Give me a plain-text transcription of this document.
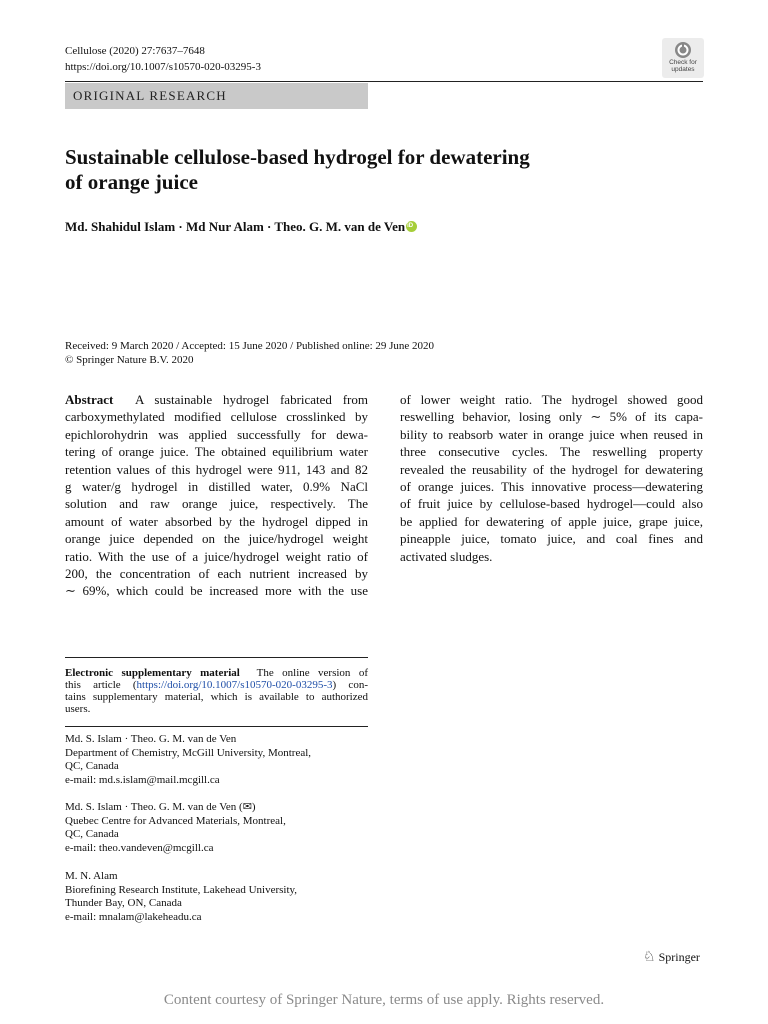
Cellulose (2020) 27:7637–7648
https://doi.org/10.1007/s10570-020-03295-3	Check for
updates
ORIGINAL RESEARCH
Sustainable cellulose-based hydrogel for dewatering
of orange juice
Md. Shahidul Islam · Md Nur Alam · Theo. G. M. van de VeniD
Received: 9 March 2020 / Accepted: 15 June 2020 / Published online: 29 June 2020
© Springer Nature B.V. 2020
Abstract A sustainable hydrogel fabricated from
carboxymethylated modified cellulose crosslinked by
epichlorohydrin was applied successfully for dewa-
tering of orange juice. The obtained equilibrium water
retention values of this hydrogel were 911, 143 and 82
g water/g hydrogel in distilled water, 0.9% NaCl
solution and raw orange juice, respectively. The
amount of water absorbed by the hydrogel dipped in
orange juice depended on the juice/hydrogel weight
ratio. With the use of a juice/hydrogel weight ratio of
200, the concentration of each nutrient increased by
∼ 69%, which could be increased more with the use
of lower weight ratio. The hydrogel showed good
reswelling behavior, losing only ∼ 5% of its capa-
bility to reabsorb water in orange juice when reused in
three consecutive cycles. The reswelling property
revealed the reusability of the hydrogel for dewatering
of orange juices. This innovative process—dewatering
of fruit juice by cellulose-based hydrogel—could also
be applied for dewatering of apple juice, grape juice,
pineapple juice, tomato juice, and coal fines and
activated sludges.
Electronic supplementary material The online version of
this article (https://doi.org/10.1007/s10570-020-03295-3) con-
tains supplementary material, which is available to authorized
users.
Md. S. Islam · Theo. G. M. van de Ven
Department of Chemistry, McGill University, Montreal,
QC, Canada
e-mail: md.s.islam@mail.mcgill.ca
Md. S. Islam · Theo. G. M. van de Ven (✉)
Quebec Centre for Advanced Materials, Montreal,
QC, Canada
e-mail: theo.vandeven@mcgill.ca
M. N. Alam
Biorefining Research Institute, Lakehead University,
Thunder Bay, ON, Canada
e-mail: mnalam@lakeheadu.ca
♘ Springer
Content courtesy of Springer Nature, terms of use apply. Rights reserved.
